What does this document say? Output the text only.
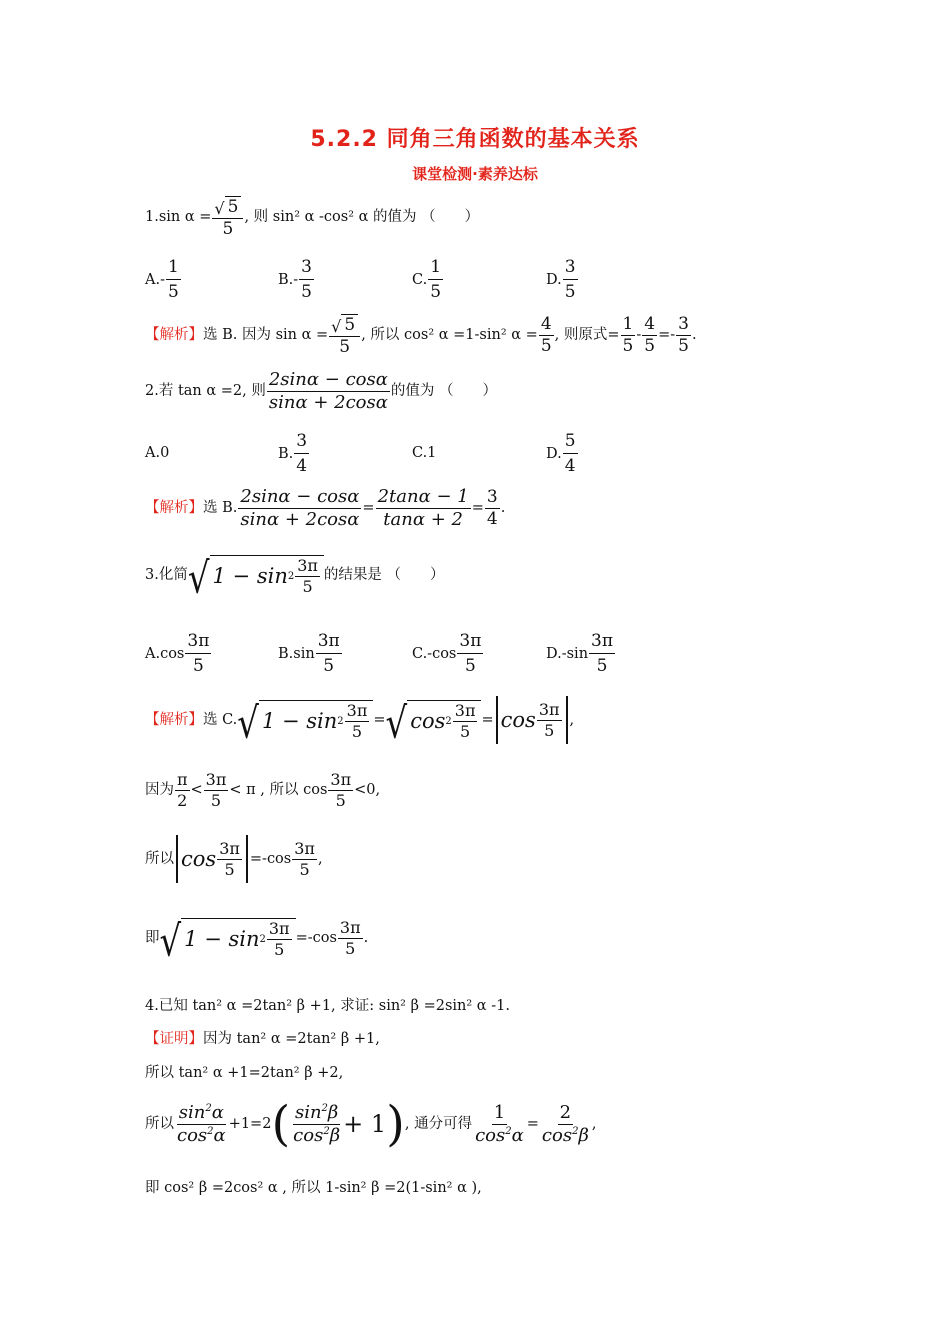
5.2.2 同角三角函数的基本关系
课堂检测·素养达标
1.sin $\alpha = \frac{√ 5}{5}$ , 则 sin² α -cos² α 的值为 （　　）
$A.- \frac{1}{5}$	$B.- \frac{3}{5}$	C. $\frac{1}{5}$	D. $\frac{3}{5}$
【解析】 选 B. 因为 $\sin \alpha = \frac{√ 5}{5}$ , 所以 cos² α =1-sin² $\alpha = \frac{4}{5}$ , 则原式= $\frac{1}{5} - \frac{4}{5} =- \frac{3}{5}$ .
2.若 tan α =2, 则 $\frac{2\sin\alpha - \cos\alpha}{\sin\alpha + 2\cos\alpha}$ 的值为 （　　）
A.0	B. $\frac{3}{4}$	C.1	D. $\frac{5}{4}$
【解析】 选 B. $\frac{2\sin\alpha - \cos\alpha}{\sin\alpha + 2\cos\alpha} = \frac{2\tan\alpha - 1}{\tan\alpha + 2} = \frac{3}{4}$ .
3.化简 √ $1 - \sin 2 \frac{3\pi}{5}$ 的结果是 （　　）
$A.\cos \frac{3\pi}{5}$	$B.\sin \frac{3\pi}{5}$	$C.-\cos \frac{3\pi}{5}$	$D.-\sin \frac{3\pi}{5}$
【解析】 选 C. √ $1 - \sin 2 \frac{3\pi}{5}$ = √ $\cos 2 \frac{3\pi}{5} = \cos \frac{3\pi}{5}$ ,
因为 $\frac{\pi}{2} < \frac{3\pi}{5} < \pi$ , 所以 $\cos \frac{3\pi}{5} <0$,
所以 $\cos \frac{3\pi}{5} =-\cos \frac{3\pi}{5}$ ,
即 √ $1 - \sin 2 \frac{3\pi}{5} =-\cos \frac{3\pi}{5}$ .
4.已知 tan² α =2tan² β +1, 求证: sin² β =2sin² α -1.
【证明】 因为 tan² α =2tan² β +1,
所以 tan² α +1=2tan² β +2,
所以 $\frac{\sin^2\alpha}{\cos^2\alpha} +1=2$ ( $\frac{\sin^2\beta}{\cos^2\beta} + 1$ ) , 通分可得 $\frac{1}{\cos^2\alpha} = \frac{2}{\cos^2\beta}$ ,
即 cos² β =2cos² α , 所以 1-sin² β =2(1-sin² α ),
